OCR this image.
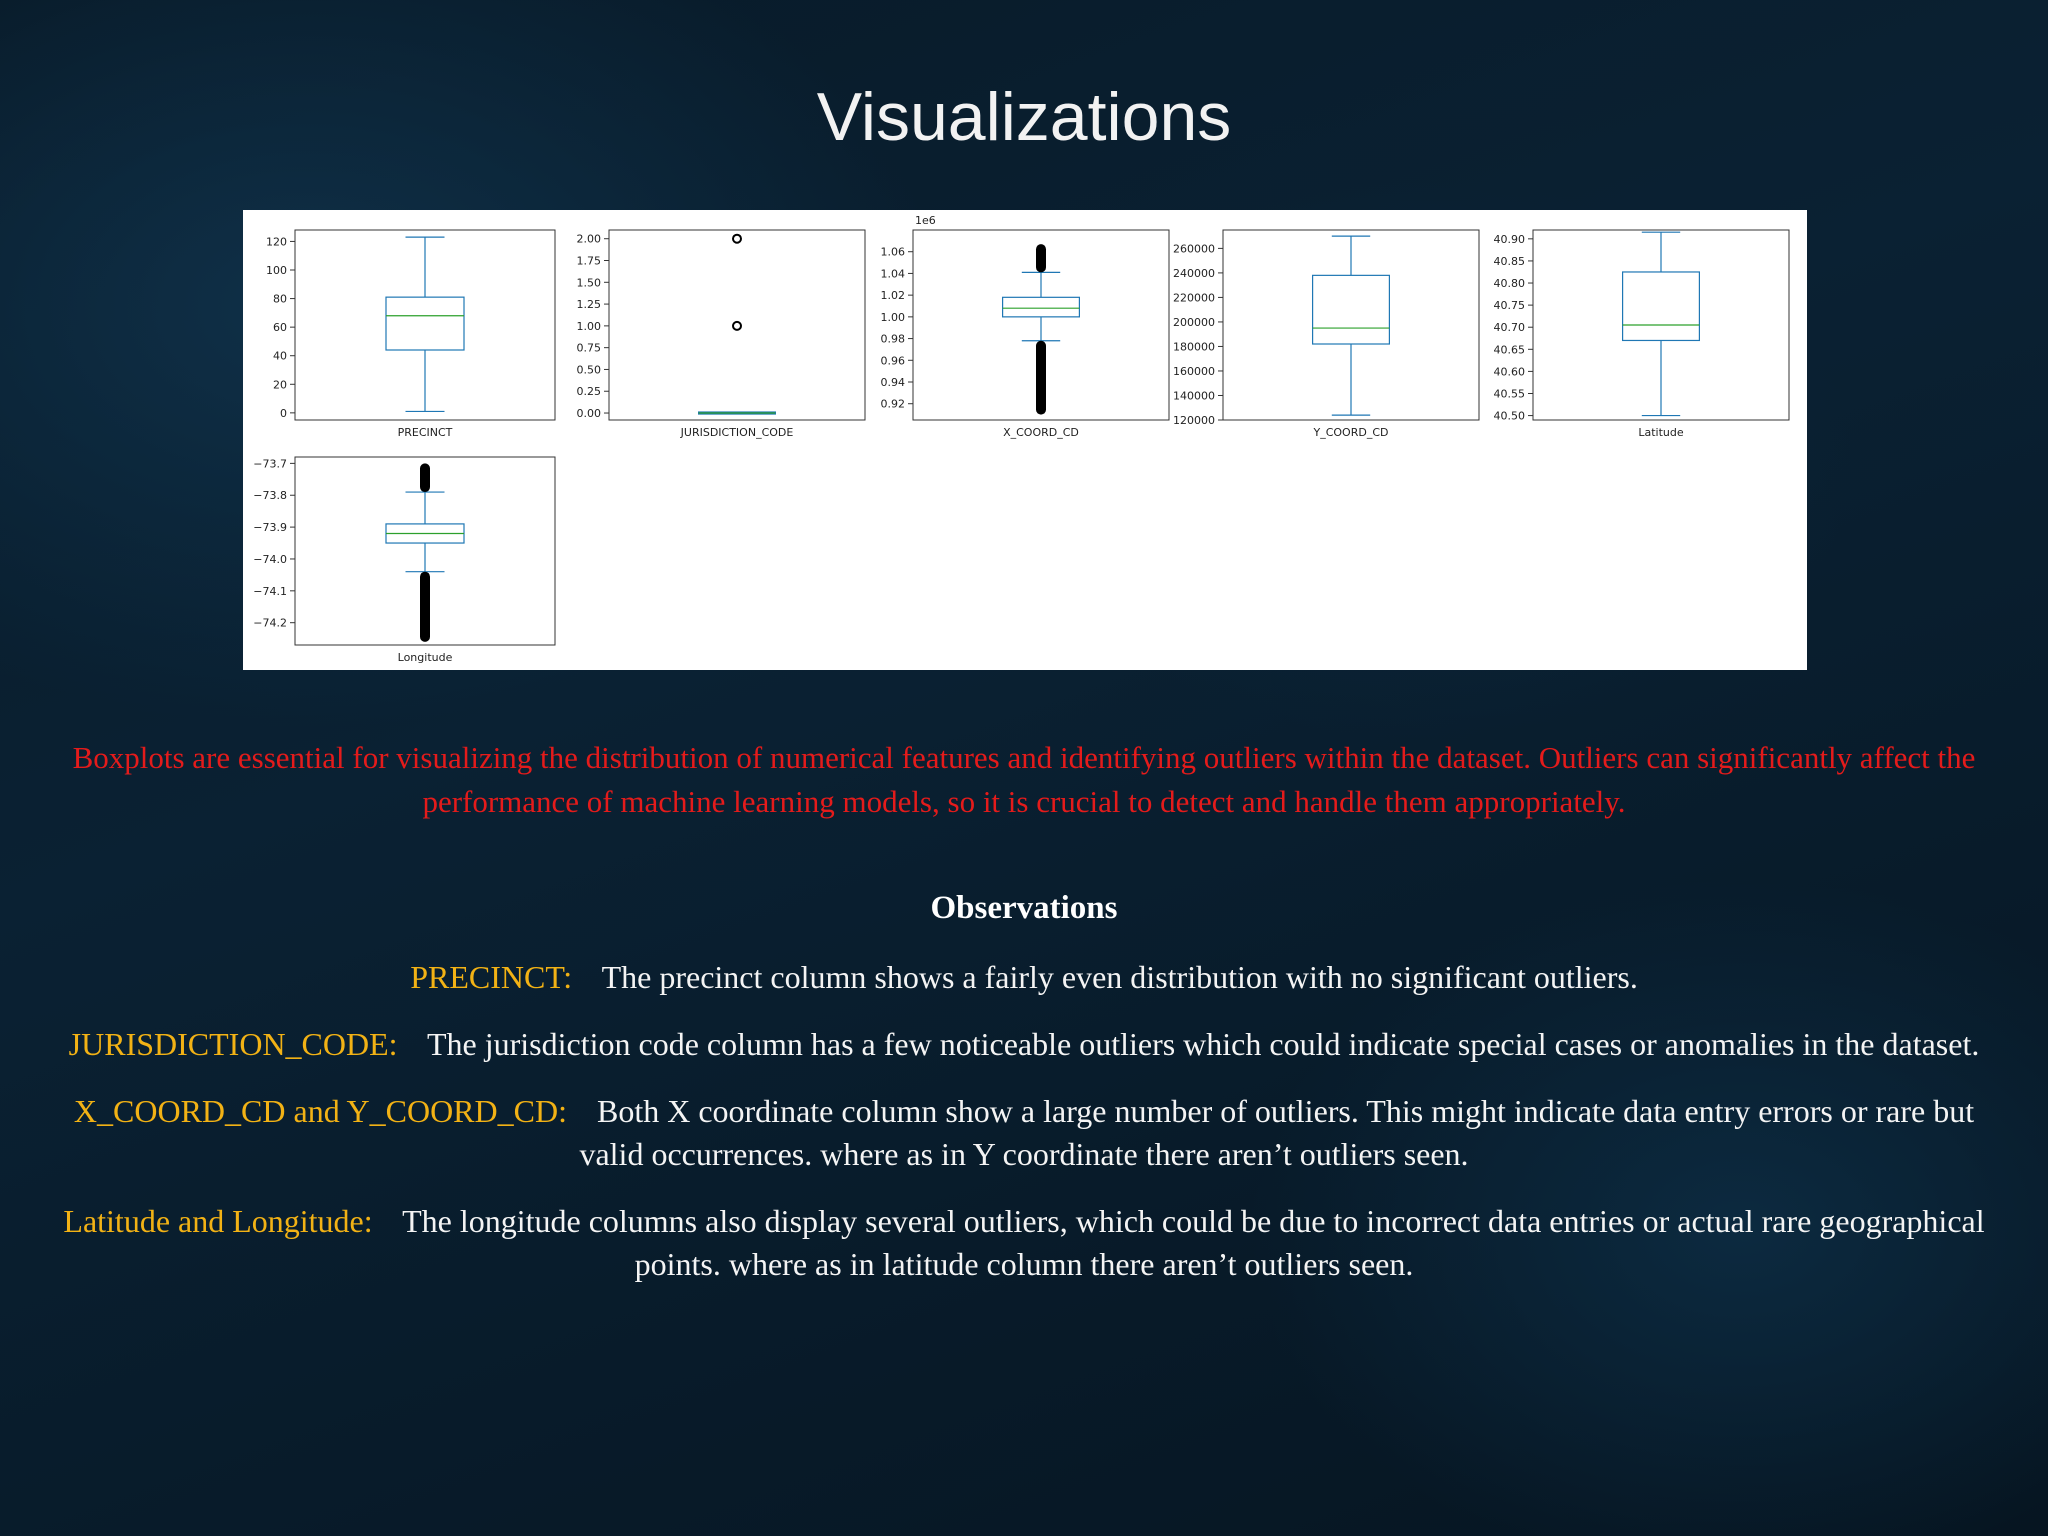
Visualizations
0
20
40
60
80
100
120
PRECINCT
0.00
0.25
0.50
0.75
1.00
1.25
1.50
1.75
2.00
JURISDICTION_CODE
0.92
0.94
0.96
0.98
1.00
1.02
1.04
1.06
1e6
X_COORD_CD
120000
140000
160000
180000
200000
220000
240000
260000
Y_COORD_CD
40.50
40.55
40.60
40.65
40.70
40.75
40.80
40.85
40.90
Latitude
−74.2
−74.1
−74.0
−73.9
−73.8
−73.7
Longitude

Boxplots are essential for visualizing the distribution of numerical features and identifying outliers within the dataset. Outliers can significantly affect the performance of machine learning models, so it is crucial to detect and handle them appropriately.

Observations

PRECINCT: The precinct column shows a fairly even distribution with no significant outliers.
JURISDICTION_CODE: The jurisdiction code column has a few noticeable outliers which could indicate special cases or anomalies in the dataset.
X_COORD_CD and Y_COORD_CD: Both X coordinate column show a large number of outliers. This might indicate data entry errors or rare but valid occurrences. where as in Y coordinate there aren’t outliers seen.
Latitude and Longitude: The longitude columns also display several outliers, which could be due to incorrect data entries or actual rare geographical points. where as in latitude column there aren’t outliers seen.
